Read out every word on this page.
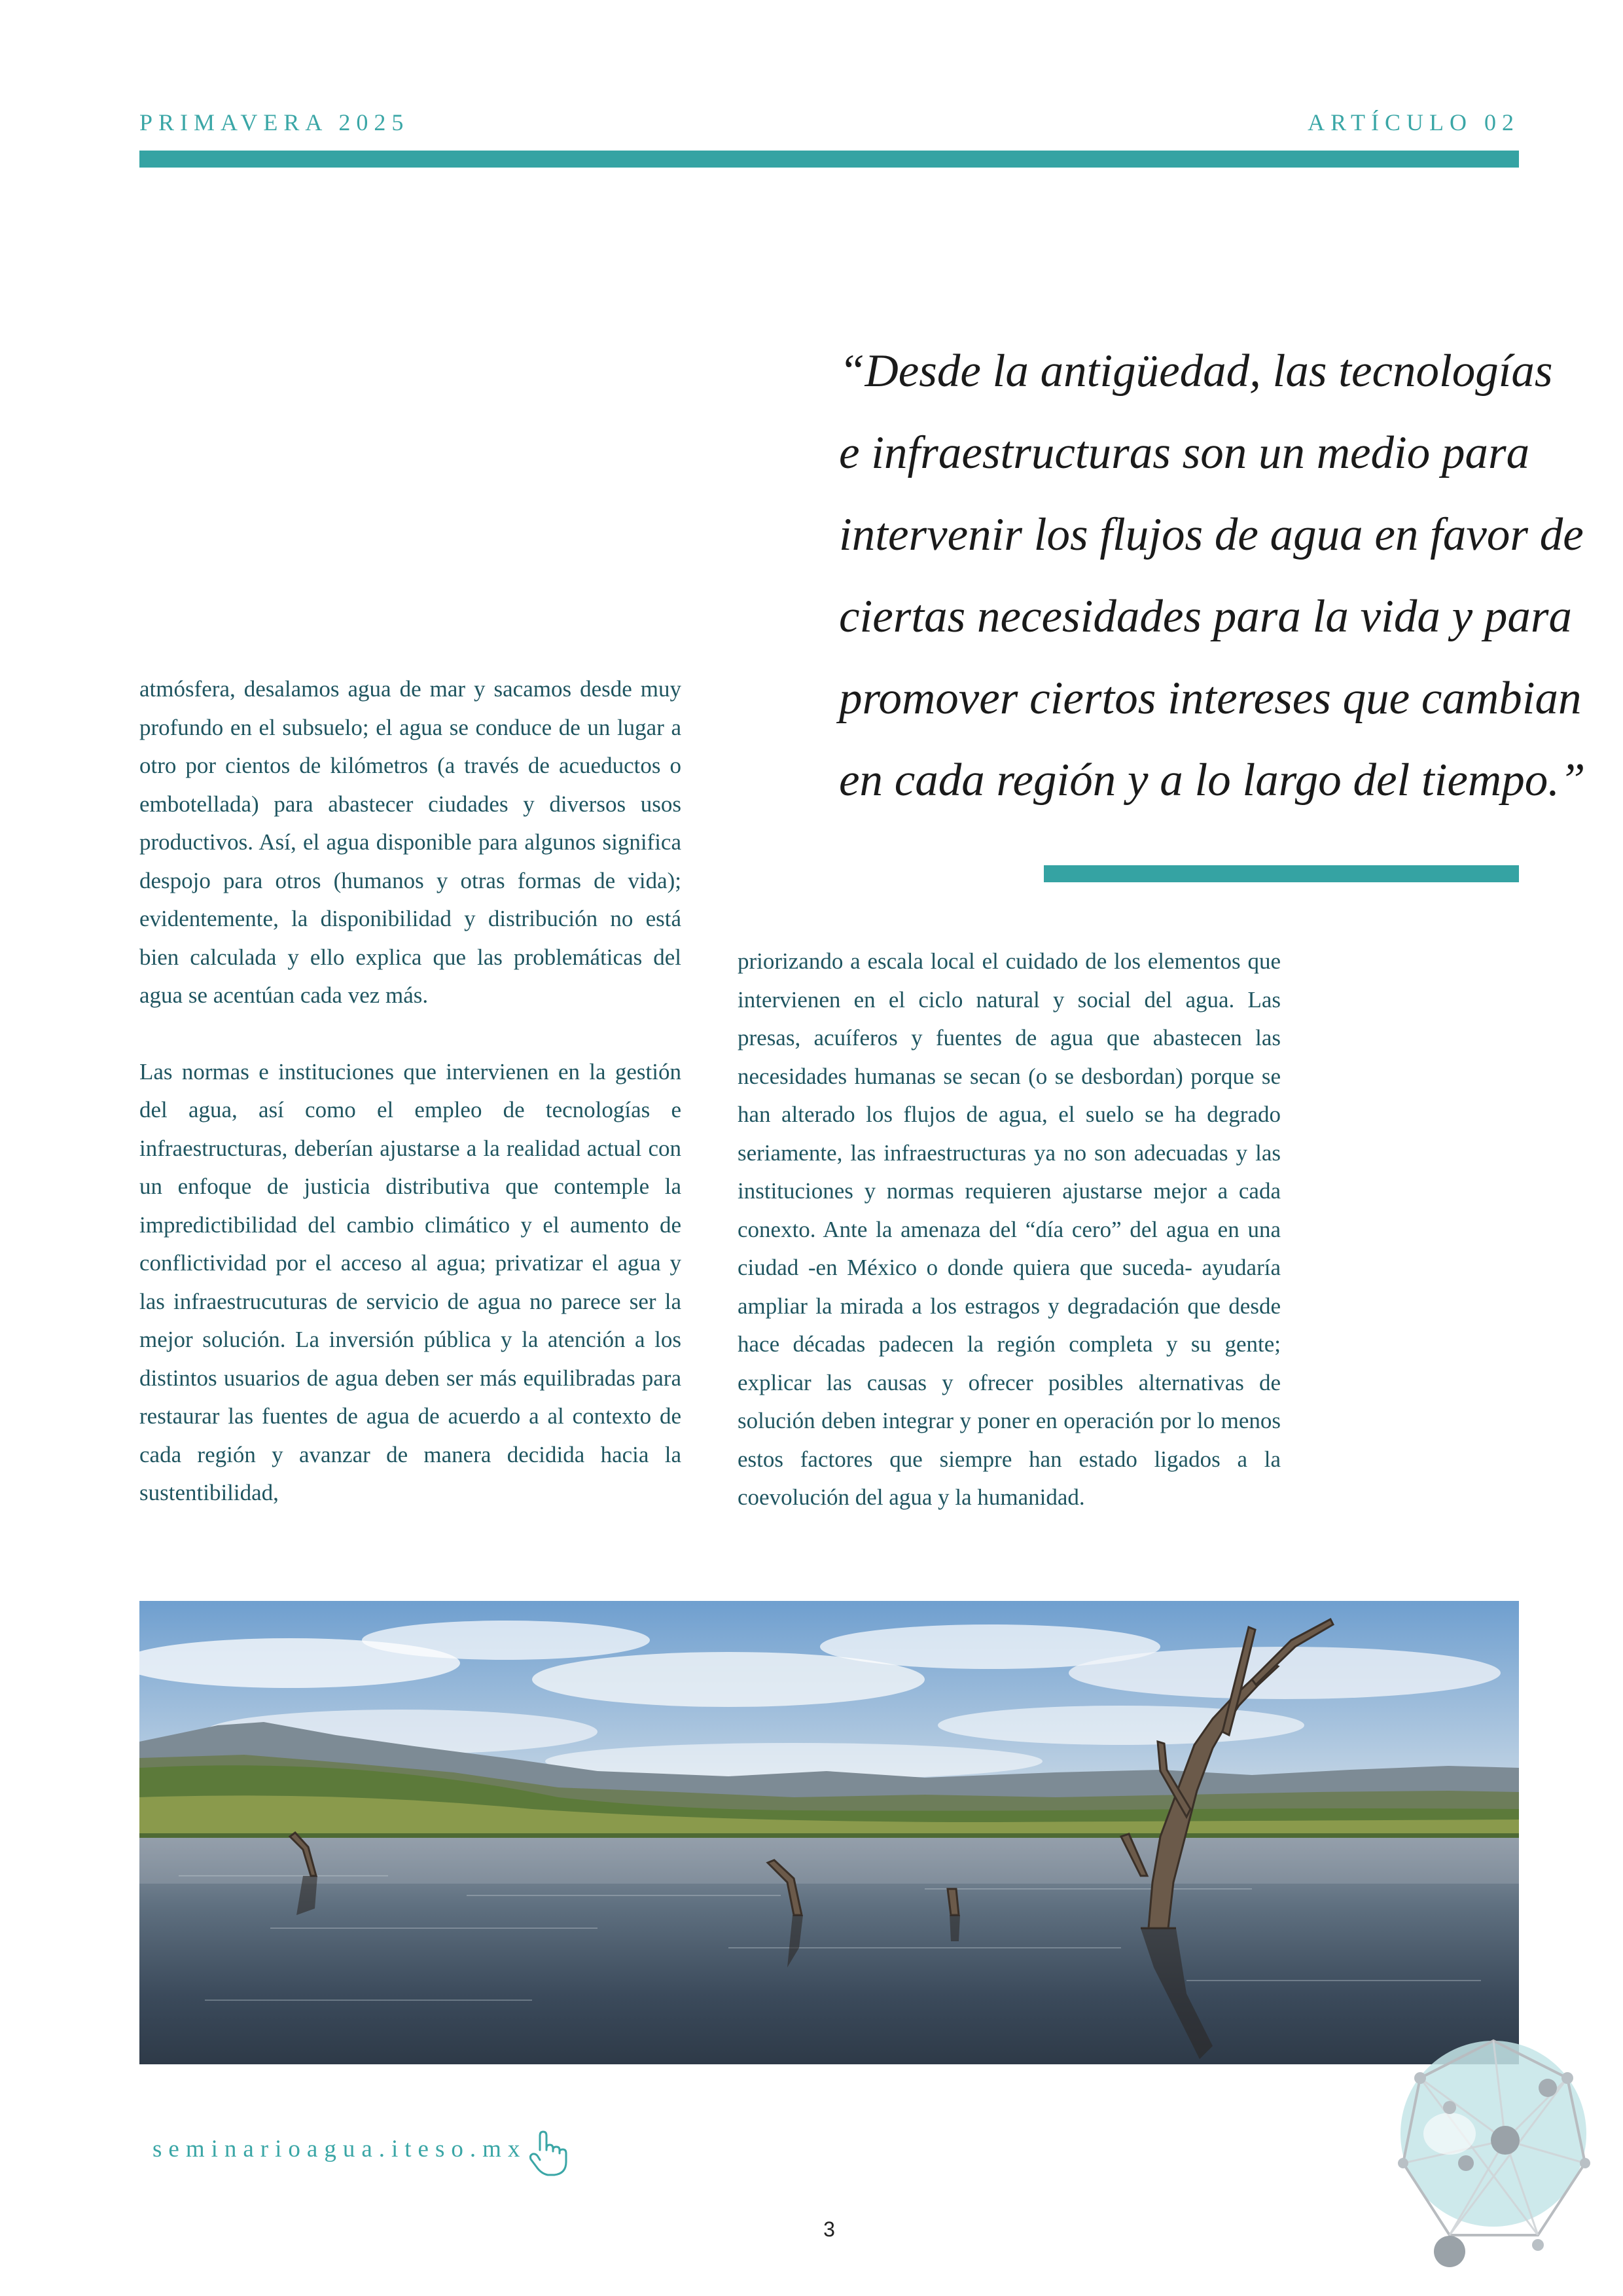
PRIMAVERA 2025	ARTÍCULO 02
“Desde la antigüedad, las tecnologías
e infraestructuras son un medio para
intervenir los flujos de agua en favor de
ciertas necesidades para la vida y para
promover ciertos intereses que cambian
en cada región y a lo largo del tiempo.”

atmósfera, desalamos agua de mar y sacamos desde muy profundo en el subsuelo; el agua se conduce de un lugar a otro por cientos de kilómetros (a través de acueductos o embotellada) para abastecer ciudades y diversos usos productivos. Así, el agua disponible para algunos significa despojo para otros (humanos y otras formas de vida); evidentemente, la disponibilidad y distribución no está bien calculada y ello explica que las problemáticas del agua se acentúan cada vez más.

Las normas e instituciones que intervienen en la gestión del agua, así como el empleo de tecnologías e infraestructuras, deberían ajustarse a la realidad actual con un enfoque de justicia distributiva que contemple la impredictibilidad del cambio climático y el aumento de conflictividad por el acceso al agua; privatizar el agua y las infraestrucuturas de servicio de agua no parece ser la mejor solución. La inversión pública y la atención a los distintos usuarios de agua deben ser más equilibradas para restaurar las fuentes de agua de acuerdo a al contexto de cada región y avanzar de manera decidida hacia la sustentibilidad,

priorizando a escala local el cuidado de los elementos que intervienen en el ciclo natural y social del agua. Las presas, acuíferos y fuentes de agua que abastecen las necesidades humanas se secan (o se desbordan) porque se han alterado los flujos de agua, el suelo se ha degrado seriamente, las infraestructuras ya no son adecuadas y las instituciones y normas requieren ajustarse mejor a cada conexto. Ante la amenaza del “día cero” del agua en una ciudad -en México o donde quiera que suceda- ayudaría ampliar la mirada a los estragos y degradación que desde hace décadas padecen la región completa y su gente; explicar las causas y ofrecer posibles alternativas de solución deben integrar y poner en operación por lo menos estos factores que siempre han estado ligados a la coevolución del agua y la humanidad.

seminarioagua.iteso.mx
3
